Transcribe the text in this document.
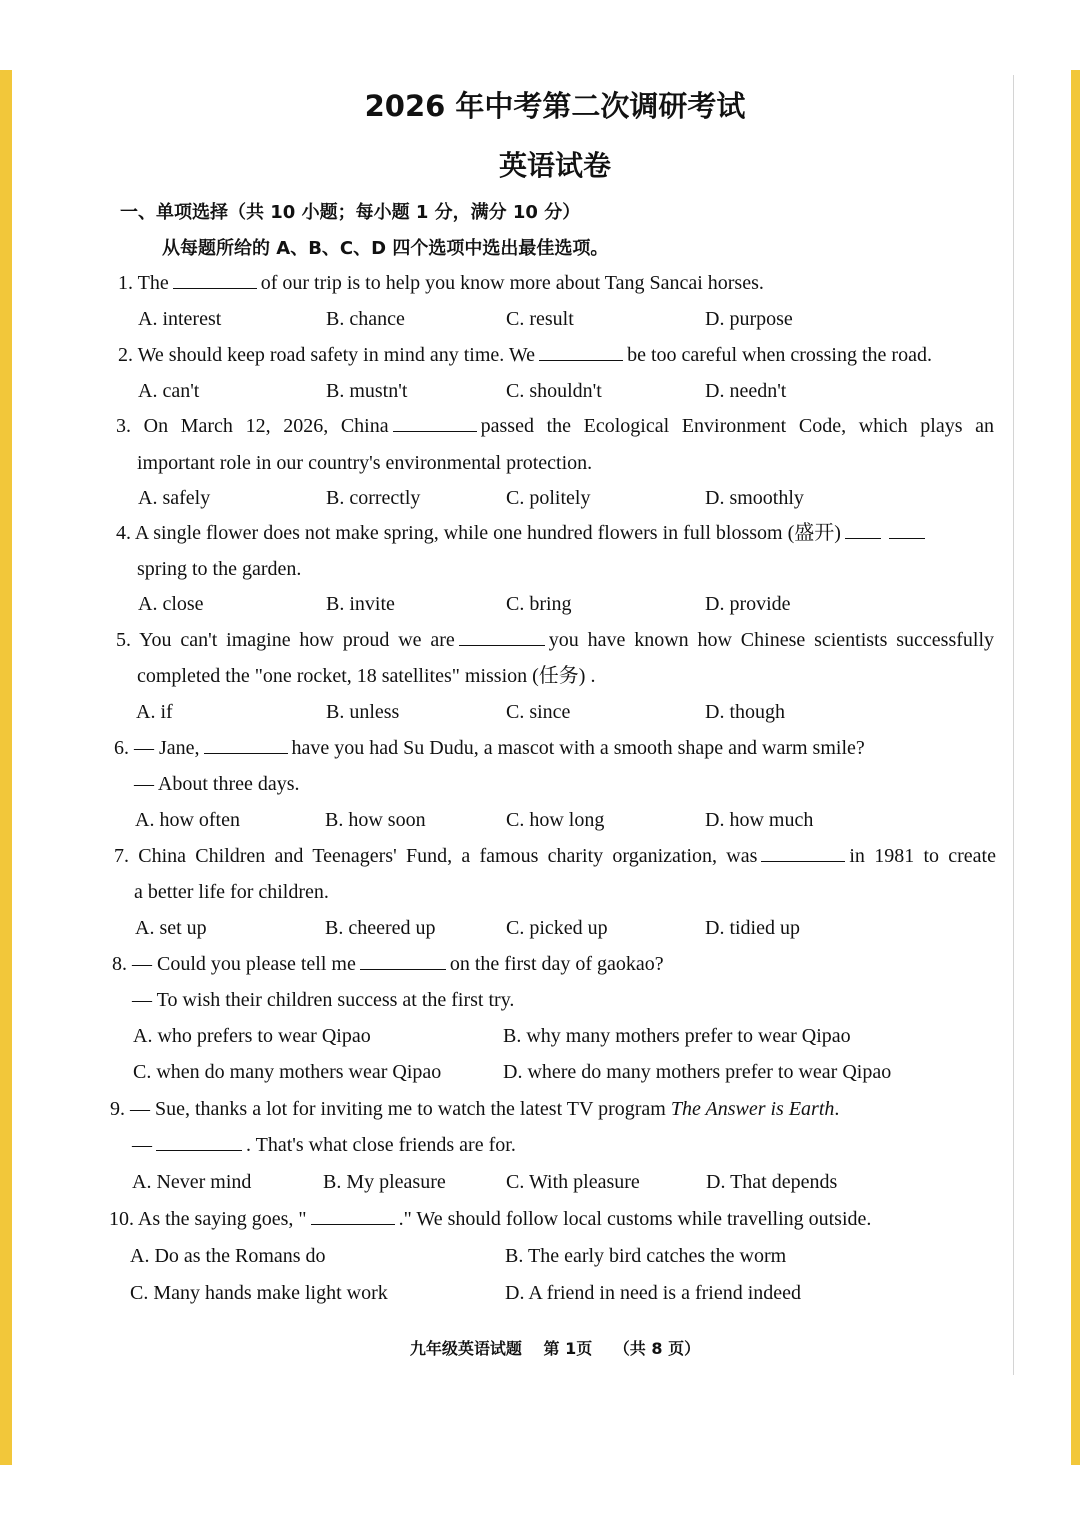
2026 年中考第二次调研考试
英语试卷
一、单项选择（共 10 小题；每小题 1 分，满分 10 分）
从每题所给的 A、B、C、D 四个选项中选出最佳选项。
1. The	of our trip is to help you know more about Tang Sancai horses.
A. interest	B. chance	C. result	D. purpose
2. We should keep road safety in mind any time. We	be too careful when crossing the road.
A. can't	B. mustn't	C. shouldn't	D. needn't
3. On March 12, 2026, China	passed the Ecological Environment Code, which plays an
important role in our country's environmental protection.
A. safely	B. correctly	C. politely	D. smoothly
4. A single flower does not make spring, while one hundred flowers in full blossom (盛开)
spring to the garden.
A. close	B. invite	C. bring	D. provide
5. You can't imagine how proud we are	you have known how Chinese scientists successfully
completed the "one rocket, 18 satellites" mission (任务) .
A. if	B. unless	C. since	D. though
6. — Jane,	have you had Su Dudu, a mascot with a smooth shape and warm smile?
— About three days.
A. how often	B. how soon	C. how long	D. how much
7. China Children and Teenagers' Fund, a famous charity organization, was	in 1981 to create
a better life for children.
A. set up	B. cheered up	C. picked up	D. tidied up
8. — Could you please tell me	on the first day of gaokao?
— To wish their children success at the first try.
A. who prefers to wear Qipao	B. why many mothers prefer to wear Qipao
C. when do many mothers wear Qipao	D. where do many mothers prefer to wear Qipao
9. — Sue, thanks a lot for inviting me to watch the latest TV program The Answer is Earth.
—	. That's what close friends are for.
A. Never mind	B. My pleasure	C. With pleasure	D. That depends
10. As the saying goes, "	." We should follow local customs while travelling outside.
A. Do as the Romans do	B. The early bird catches the worm
C. Many hands make light work	D. A friend in need is a friend indeed
九年级英语试题 第 1页 （共 8 页）
